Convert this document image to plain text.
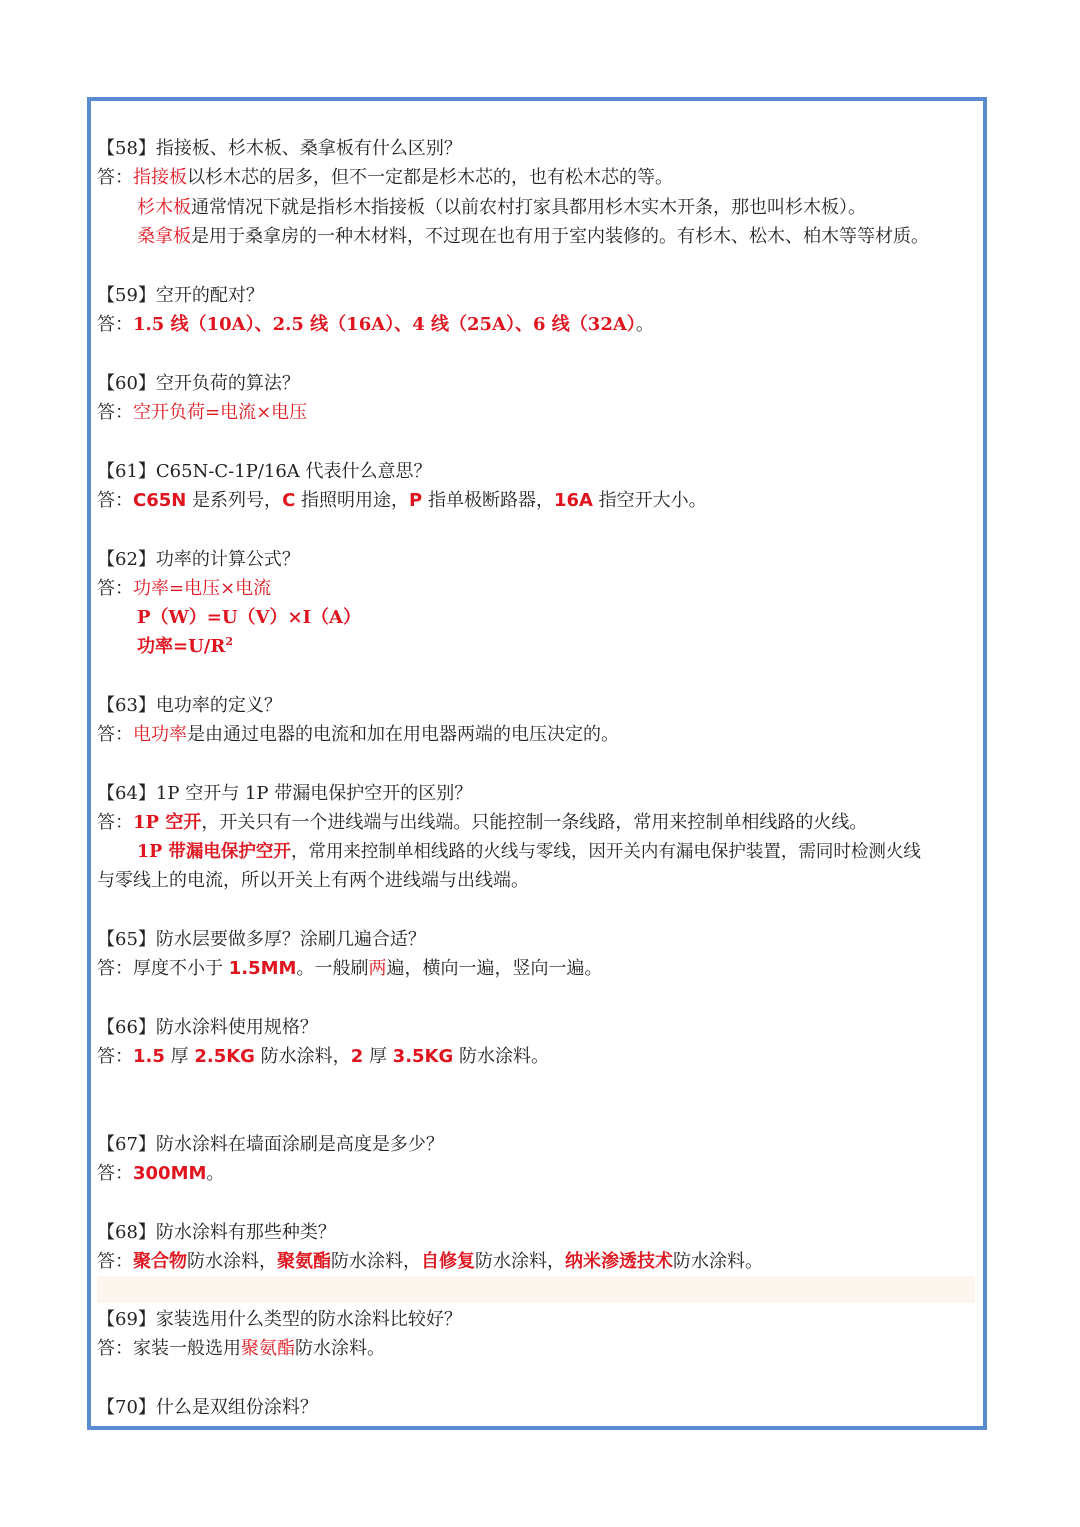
【58】指接板、杉木板、桑拿板有什么区别？
答：指接板以杉木芯的居多，但不一定都是杉木芯的，也有松木芯的等。
杉木板通常情况下就是指杉木指接板（以前农村打家具都用杉木实木开条，那也叫杉木板）。
桑拿板是用于桑拿房的一种木材料，不过现在也有用于室内装修的。有杉木、松木、柏木等等材质。
【59】空开的配对？
答：1.5 线（10A）、2.5 线（16A）、4 线（25A）、6 线（32A）。
【60】空开负荷的算法？
答：空开负荷=电流×电压
【61】C65N-C-1P/16A 代表什么意思？
答：C65N 是系列号，C 指照明用途，P 指单极断路器，16A 指空开大小。
【62】功率的计算公式？
答：功率=电压×电流
P（W）=U（V）×I（A）
功率$=U/R^2$
【63】电功率的定义？
答：电功率是由通过电器的电流和加在用电器两端的电压决定的。
【64】1P 空开与 1P 带漏电保护空开的区别？
答：1P 空开，开关只有一个进线端与出线端。只能控制一条线路，常用来控制单相线路的火线。
1P 带漏电保护空开，常用来控制单相线路的火线与零线，因开关内有漏电保护装置，需同时检测火线
与零线上的电流，所以开关上有两个进线端与出线端。
【65】防水层要做多厚？涂刷几遍合适？
答：厚度不小于 1.5MM。一般刷两遍，横向一遍，竖向一遍。
【66】防水涂料使用规格？
答：1.5 厚 2.5KG 防水涂料，2 厚 3.5KG 防水涂料。
【67】防水涂料在墙面涂刷是高度是多少？
答：300MM。
【68】防水涂料有那些种类？
答：聚合物防水涂料，聚氨酯防水涂料，自修复防水涂料，纳米渗透技术防水涂料。
【69】家装选用什么类型的防水涂料比较好？
答：家装一般选用聚氨酯防水涂料。
【70】什么是双组份涂料？
